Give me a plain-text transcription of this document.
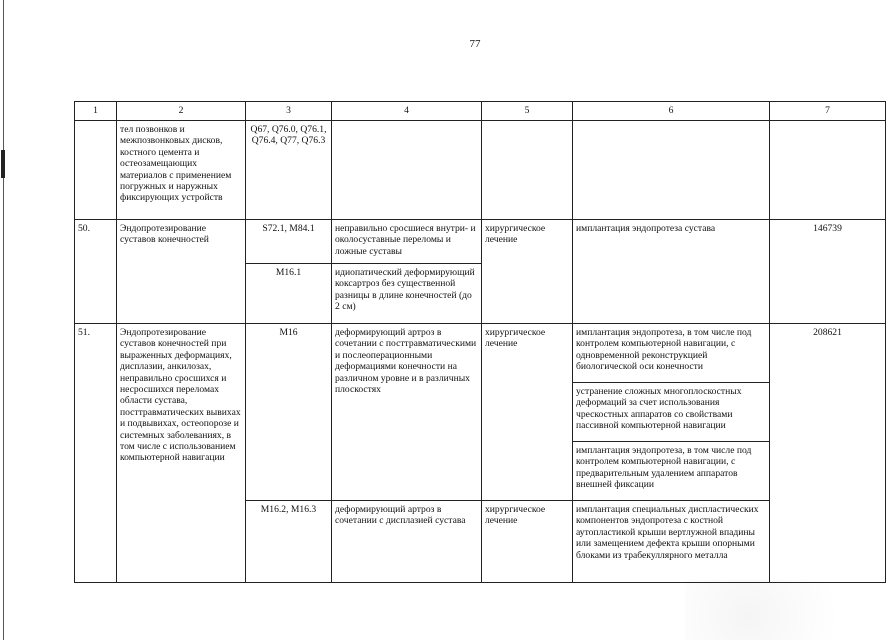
77
1	2	3	4	5	6	7
	тел позвонков и межпозвонковых дисков, костного цемента и остеозамещающих материалов с применением погружных и наружных фиксирующих устройств	Q67, Q76.0, Q76.1, Q76.4, Q77, Q76.3				
50.	Эндопротезирование суставов конечностей	S72.1, M84.1	неправильно сросшиеся внутри- и околосуставные переломы и ложные суставы	хирургическое лечение	имплантация эндопротеза сустава	146739
		M16.1	идиопатический деформирующий коксартроз без существенной разницы в длине конечностей (до 2 см)			
51.	Эндопротезирование суставов конечностей при выраженных деформациях, дисплазии, анкилозах, неправильно сросшихся и несросшихся переломах области сустава, посттравматических вывихах и подвывихах, остеопорозе и системных заболеваниях, в том числе с использованием компьютерной навигации	M16	деформирующий артроз в сочетании с посттравматическими и послеоперационными деформациями конечности на различном уровне и в различных плоскостях	хирургическое лечение	имплантация эндопротеза, в том числе под контролем компьютерной навигации, с одновременной реконструкцией биологической оси конечности	208621
					устранение сложных многоплоскостных деформаций за счет использования чрескостных аппаратов со свойствами пассивной компьютерной навигации	
					имплантация эндопротеза, в том числе под контролем компьютерной навигации, с предварительным удалением аппаратов внешней фиксации	
		M16.2, M16.3	деформирующий артроз в сочетании с дисплазией сустава	хирургическое лечение	имплантация специальных диспластических компонентов эндопротеза с костной аутопластикой крыши вертлужной впадины или замещением дефекта крыши опорными блоками из трабекуллярного металла	
